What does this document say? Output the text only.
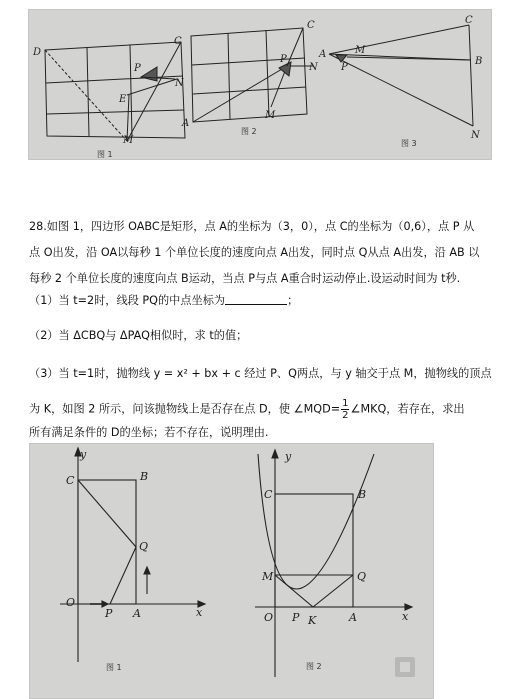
D
C
P
N
E
M
图 1
C
P
N
A
M
图 2
C
A	M
P
B
N
图 3
28.如图 1，四边形 OABC是矩形，点 A的坐标为（3，0），点 C的坐标为（0,6），点 P 从
点 O出发，沿 OA以每秒 1 个单位长度的速度向点 A出发，同时点 Q从点 A出发，沿 AB 以
每秒 2 个单位长度的速度向点 B运动，当点 P与点 A重合时运动停止.设运动时间为 t秒.
（1）当 t=2时，线段 PQ的中点坐标为	；
（2）当 ΔCBQ与 ΔPAQ相似时，求 t的值；
（3）当 t=1时，抛物线 y = x² + bx + c 经过 P、Q两点，与 y 轴交于点 M，抛物线的顶点
为 K，如图 2 所示，问该抛物线上是否存在点 D，使 ∠MQD= $\frac{1}{2}$ ∠MKQ，若存在，求出
所有满足条件的 D的坐标；若不存在，说明理由.
y
C	B
Q
O
P A	x
图 1
y
C	B
M	Q
O P K	A	x
图 2
